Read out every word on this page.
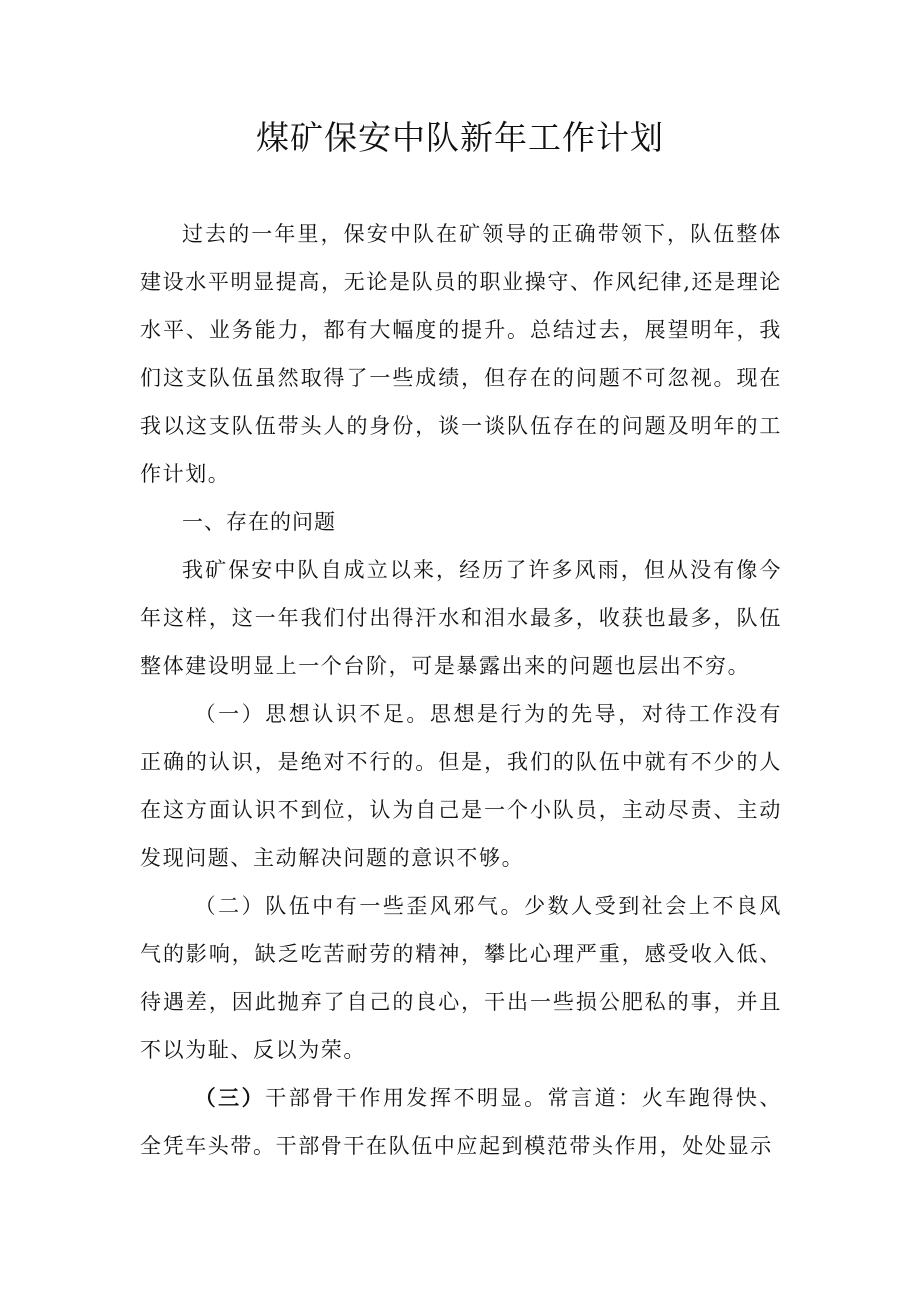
煤矿保安中队新年工作计划

过去的一年里，保安中队在矿领导的正确带领下，队伍整体建设水平明显提高，无论是队员的职业操守、作风纪律,还是理论水平、业务能力，都有大幅度的提升。总结过去，展望明年，我们这支队伍虽然取得了一些成绩，但存在的问题不可忽视。现在我以这支队伍带头人的身份，谈一谈队伍存在的问题及明年的工作计划。

一、存在的问题

我矿保安中队自成立以来，经历了许多风雨，但从没有像今年这样，这一年我们付出得汗水和泪水最多，收获也最多，队伍整体建设明显上一个台阶，可是暴露出来的问题也层出不穷。

（一）思想认识不足。思想是行为的先导，对待工作没有正确的认识，是绝对不行的。但是，我们的队伍中就有不少的人在这方面认识不到位，认为自己是一个小队员，主动尽责、主动发现问题、主动解决问题的意识不够。

（二）队伍中有一些歪风邪气。少数人受到社会上不良风气的影响，缺乏吃苦耐劳的精神，攀比心理严重，感受收入低、待遇差，因此抛弃了自己的良心，干出一些损公肥私的事，并且不以为耻、反以为荣。

（三）干部骨干作用发挥不明显。常言道：火车跑得快、全凭车头带。干部骨干在队伍中应起到模范带头作用，处处显示
